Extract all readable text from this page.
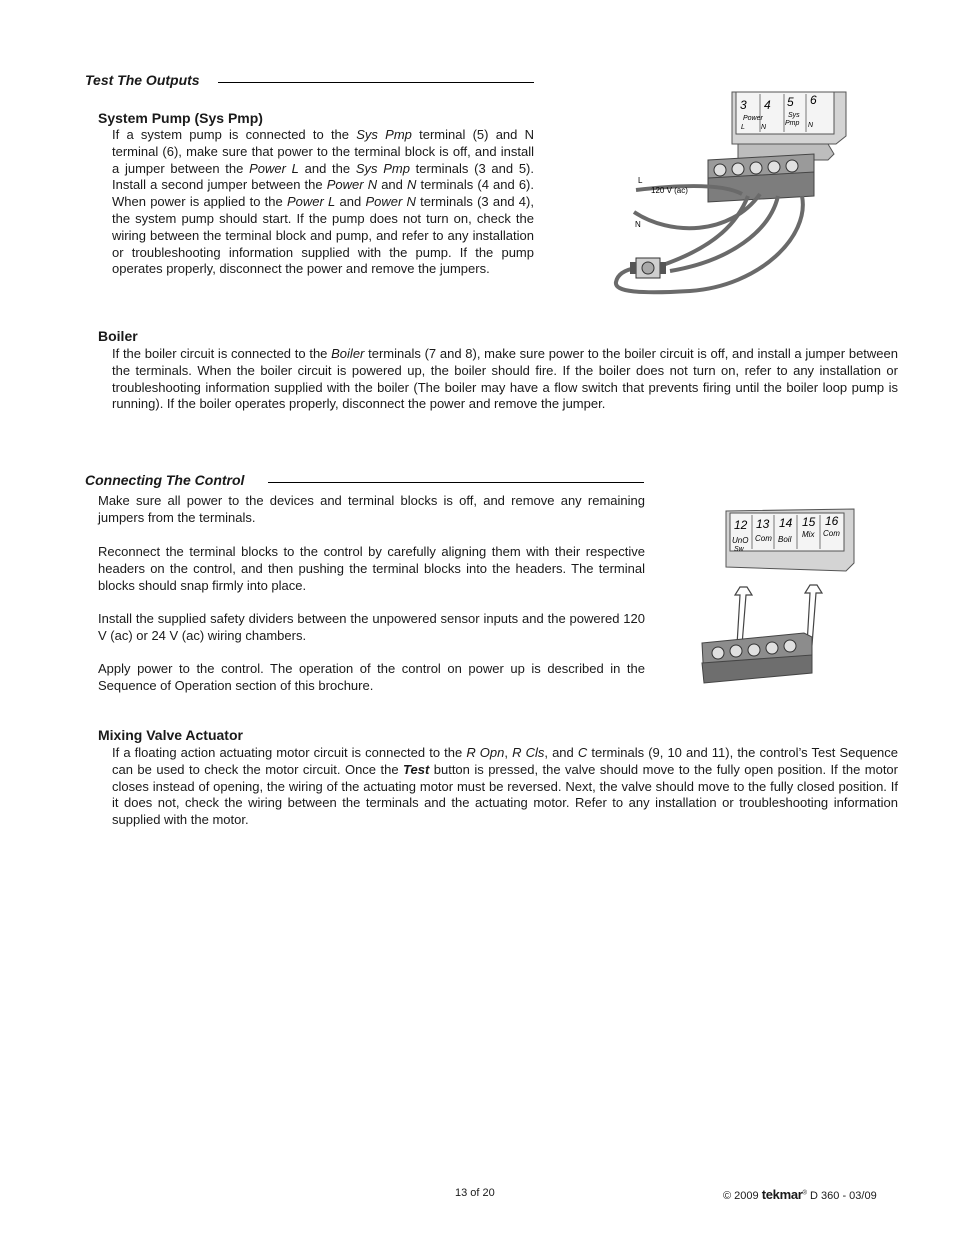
Test The Outputs
System Pump (Sys Pmp)

If a system pump is connected to the Sys Pmp terminal (5) and N terminal (6), make sure that power to the terminal block is off, and install a jumper between the Power L and the Sys Pmp terminals (3 and 5). Install a second jumper between the Power N and N terminals (4 and 6). When power is applied to the Power L and Power N terminals (3 and 4), the system pump should start. If the pump does not turn on, check the wiring between the terminal block and pump, and refer to any installation or troubleshooting information supplied with the pump. If the pump operates properly, disconnect the power and remove the jumpers.

3 4 5 6
Power
L N
Sys
Pmp N
L
N
120 V (ac)
Boiler

If the boiler circuit is connected to the Boiler terminals (7 and 8), make sure power to the boiler circuit is off, and install a jumper between the terminals. When the boiler circuit is powered up, the boiler should fire. If the boiler does not turn on, refer to any installation or troubleshooting information supplied with the boiler (The boiler may have a flow switch that prevents firing until the boiler loop pump is running). If the boiler operates properly, disconnect the power and remove the jumper.

Connecting The Control

Make sure all power to the devices and terminal blocks is off, and remove any remaining jumpers from the terminals.

Reconnect the terminal blocks to the control by carefully aligning them with their respective headers on the control, and then pushing the terminal blocks into the headers. The terminal blocks should snap firmly into place.

Install the supplied safety dividers between the unpowered sensor inputs and the powered 120 V (ac) or 24 V (ac) wiring chambers.

Apply power to the control. The operation of the control on power up is described in the Sequence of Operation section of this brochure.

12 13 14 15 16
UnO Com Boil
Mix Com
Sw
Mixing Valve Actuator

If a floating action actuating motor circuit is connected to the R Opn, R Cls, and C terminals (9, 10 and 11), the control’s Test Sequence can be used to check the motor circuit. Once the Test button is pressed, the valve should move to the fully open position. If the motor closes instead of opening, the wiring of the actuating motor must be reversed. Next, the valve should move to the fully closed position. If it does not, check the wiring between the terminals and the actuating motor. Refer to any installation or troubleshooting information supplied with the motor.

13 of 20	© 2009 tekmar® D 360 - 03/09
